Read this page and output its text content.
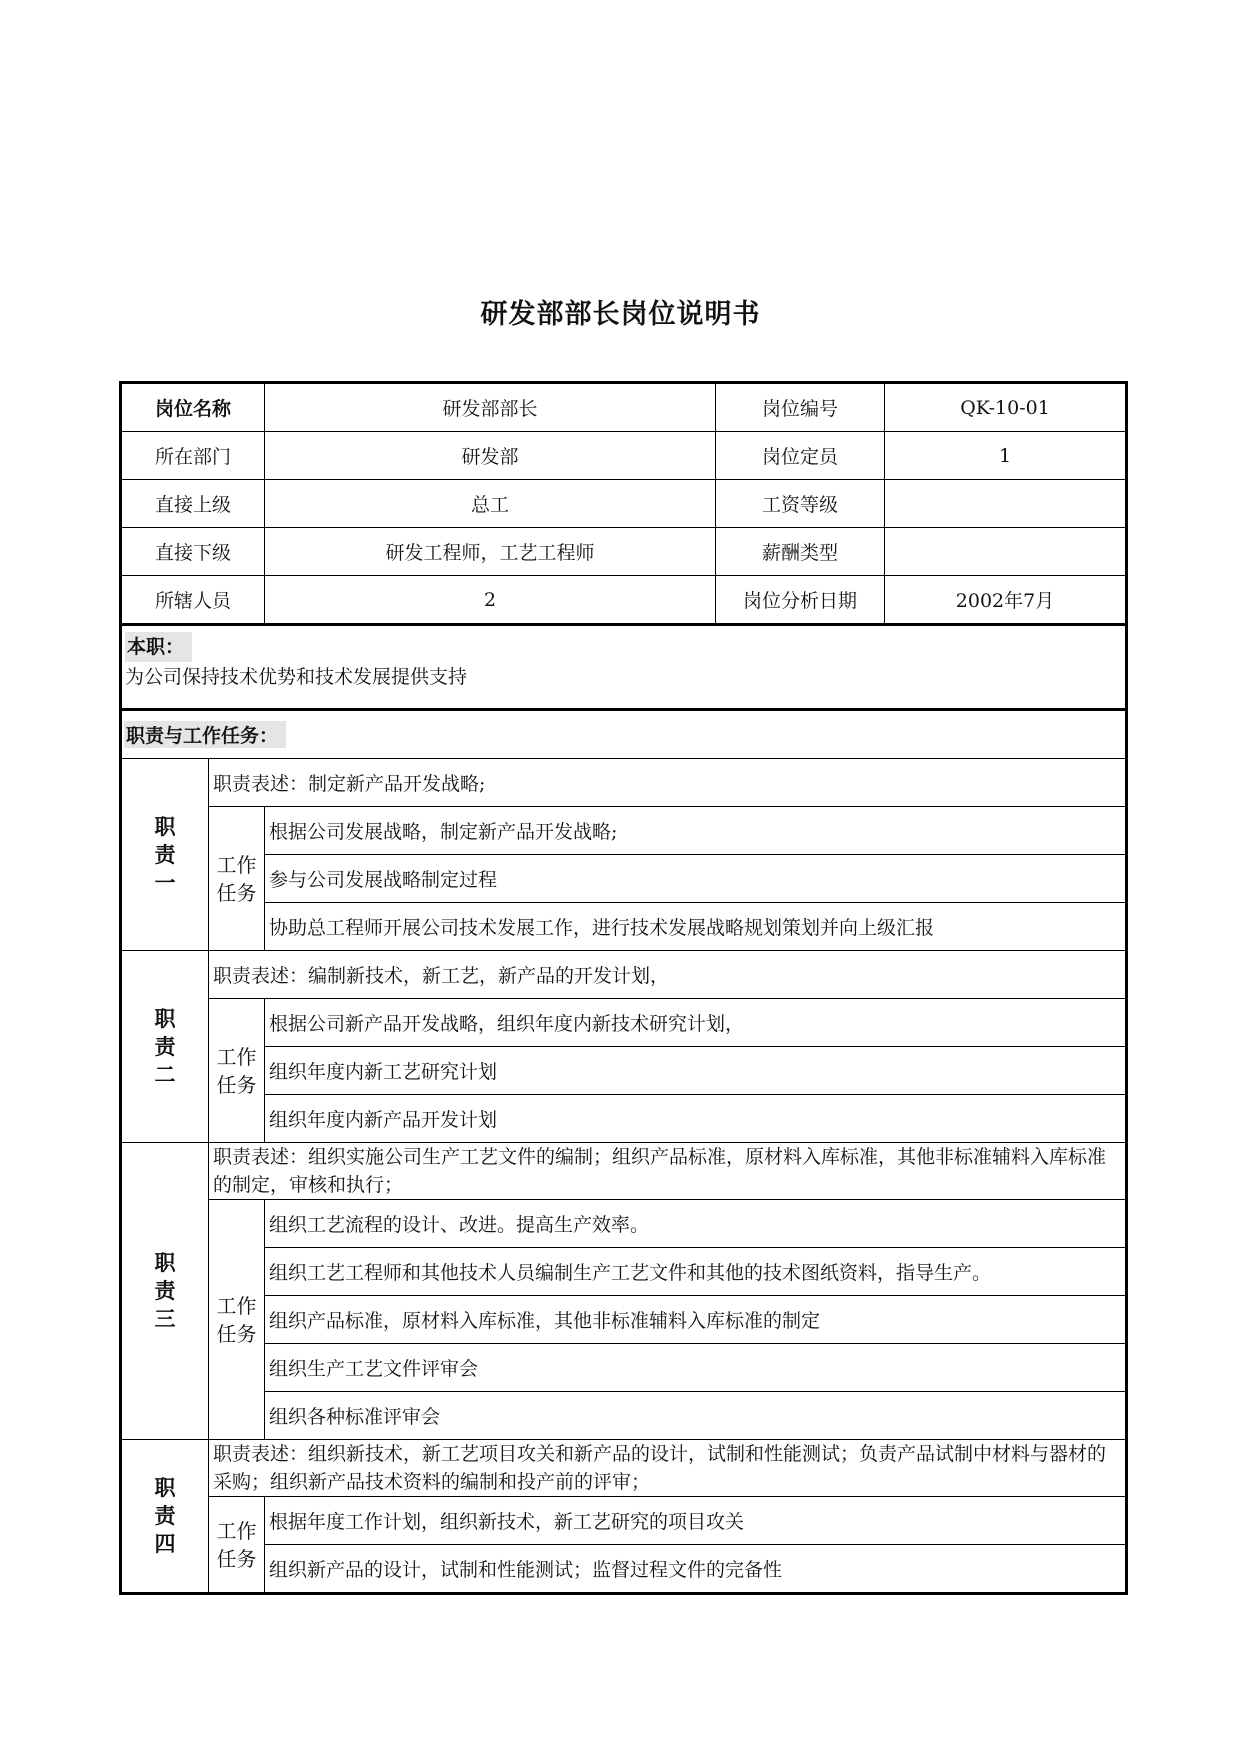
研发部部长岗位说明书
岗位名称		研发部部长	岗位编号	QK-10-01
所在部门		研发部	岗位定员	1
直接上级		总工	工资等级	
直接下级		研发工程师，工艺工程师	薪酬类型	
所辖人员		2	岗位分析日期	2002年7月

本职：
为公司保持技术优势和技术发展提供支持				

职责与工作任务：				
职责一	职责表述：制定新产品开发战略;			
	工作任务	根据公司发展战略，制定新产品开发战略;		
		参与公司发展战略制定过程		
		协助总工程师开展公司技术发展工作，进行技术发展战略规划策划并向上级汇报		
职责二	职责表述：编制新技术，新工艺，新产品的开发计划，			
	工作任务	根据公司新产品开发战略，组织年度内新技术研究计划，		
		组织年度内新工艺研究计划		
		组织年度内新产品开发计划		
职责三	职责表述：组织实施公司生产工艺文件的编制；组织产品标准，原材料入库标准，其他非标准辅料入库标准的制定，审核和执行；			
	工作任务	组织工艺流程的设计、改进。提高生产效率。		
		组织工艺工程师和其他技术人员编制生产工艺文件和其他的技术图纸资料，指导生产。		
		组织产品标准，原材料入库标准，其他非标准辅料入库标准的制定		
		组织生产工艺文件评审会		
		组织各种标准评审会		
职责四	职责表述：组织新技术，新工艺项目攻关和新产品的设计，试制和性能测试；负责产品试制中材料与器材的采购；组织新产品技术资料的编制和投产前的评审；			
	工作任务	根据年度工作计划，组织新技术，新工艺研究的项目攻关		
		组织新产品的设计，试制和性能测试；监督过程文件的完备性		
